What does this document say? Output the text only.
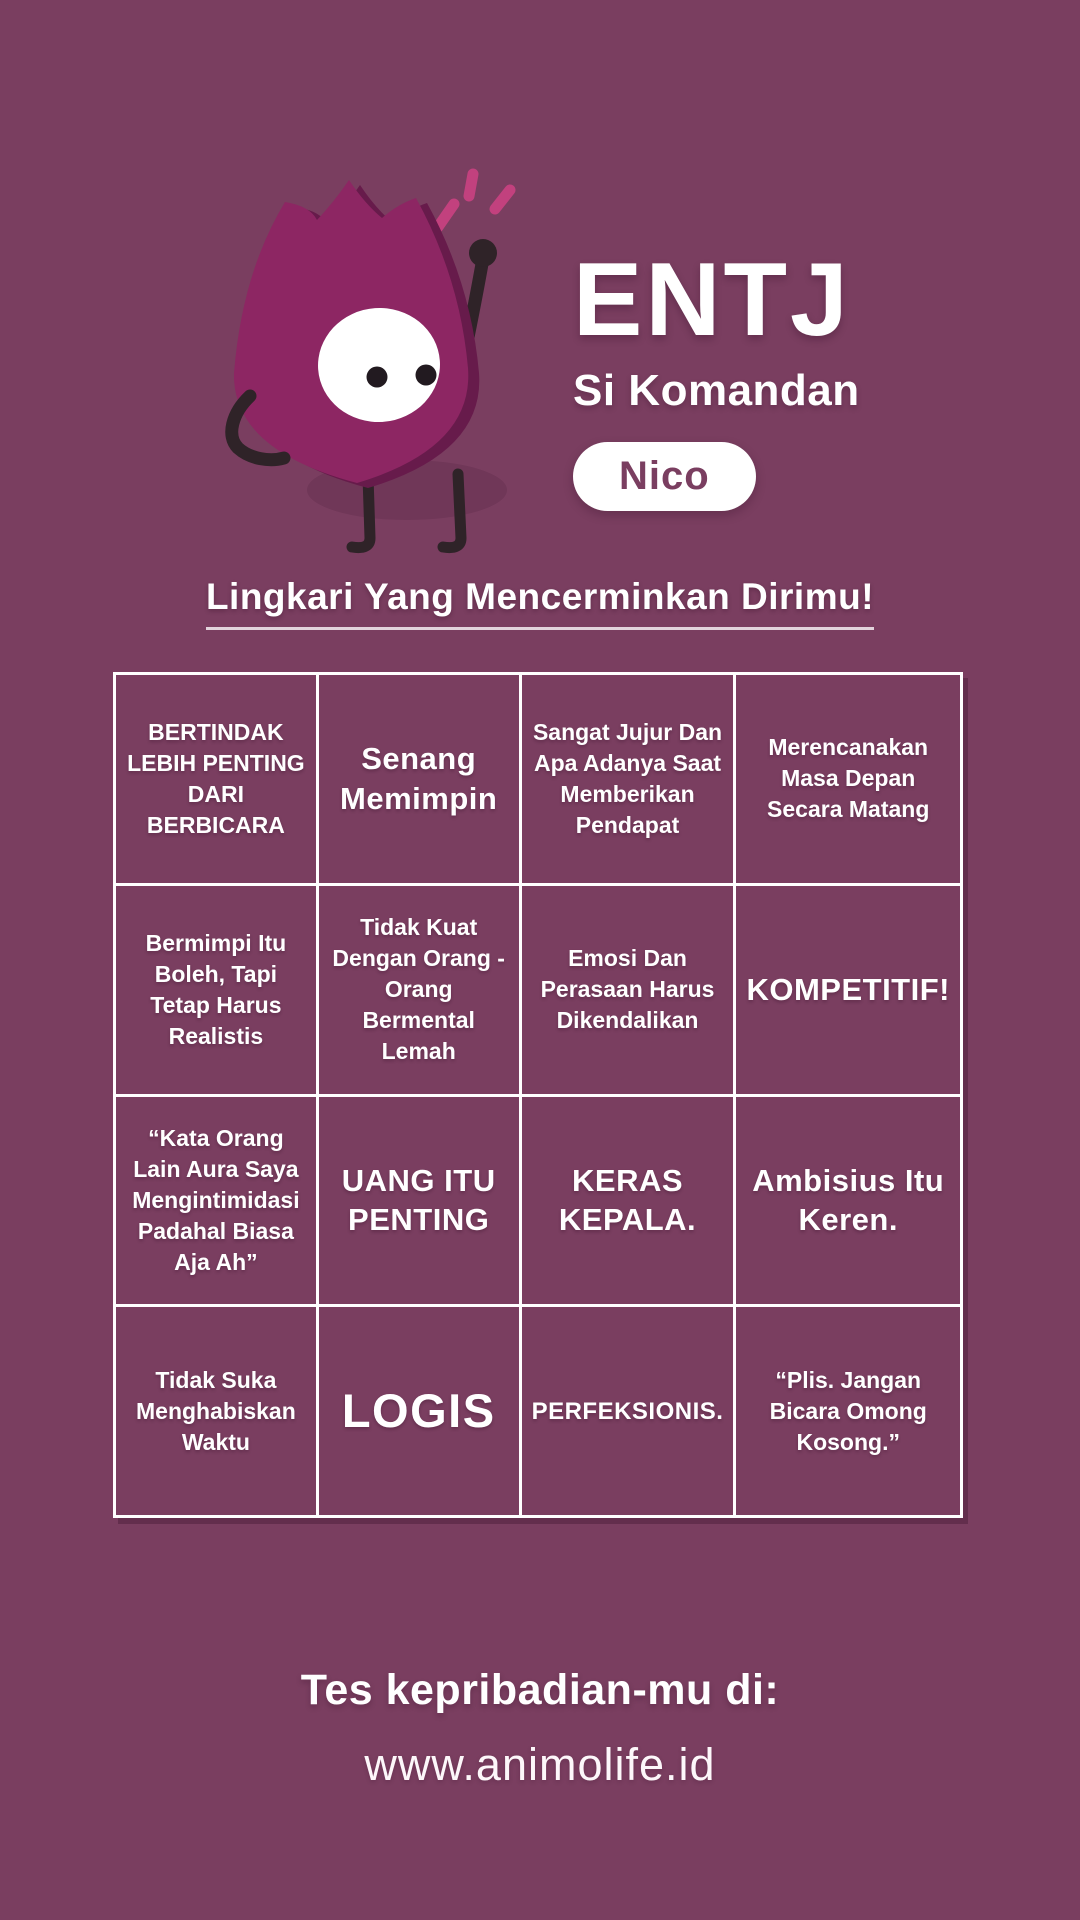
ENTJ
Si Komandan
Nico
Lingkari Yang Mencerminkan Dirimu!
BERTINDAK LEBIH PENTING DARI BERBICARA
Senang Memimpin
Sangat Jujur Dan Apa Adanya Saat Memberikan Pendapat
Merencanakan Masa Depan Secara Matang
Bermimpi Itu Boleh, Tapi Tetap Harus Realistis
Tidak Kuat Dengan Orang - Orang Bermental Lemah
Emosi Dan Perasaan Harus Dikendalikan
KOMPETITIF!
“Kata Orang Lain Aura Saya Mengintimidasi Padahal Biasa Aja Ah”
UANG ITU PENTING
KERAS KEPALA.
Ambisius Itu Keren.
Tidak Suka Menghabiskan Waktu
LOGIS	PERFEKSIONIS.
“Plis. Jangan Bicara Omong Kosong.”
Tes kepribadian-mu di:
www.animolife.id
